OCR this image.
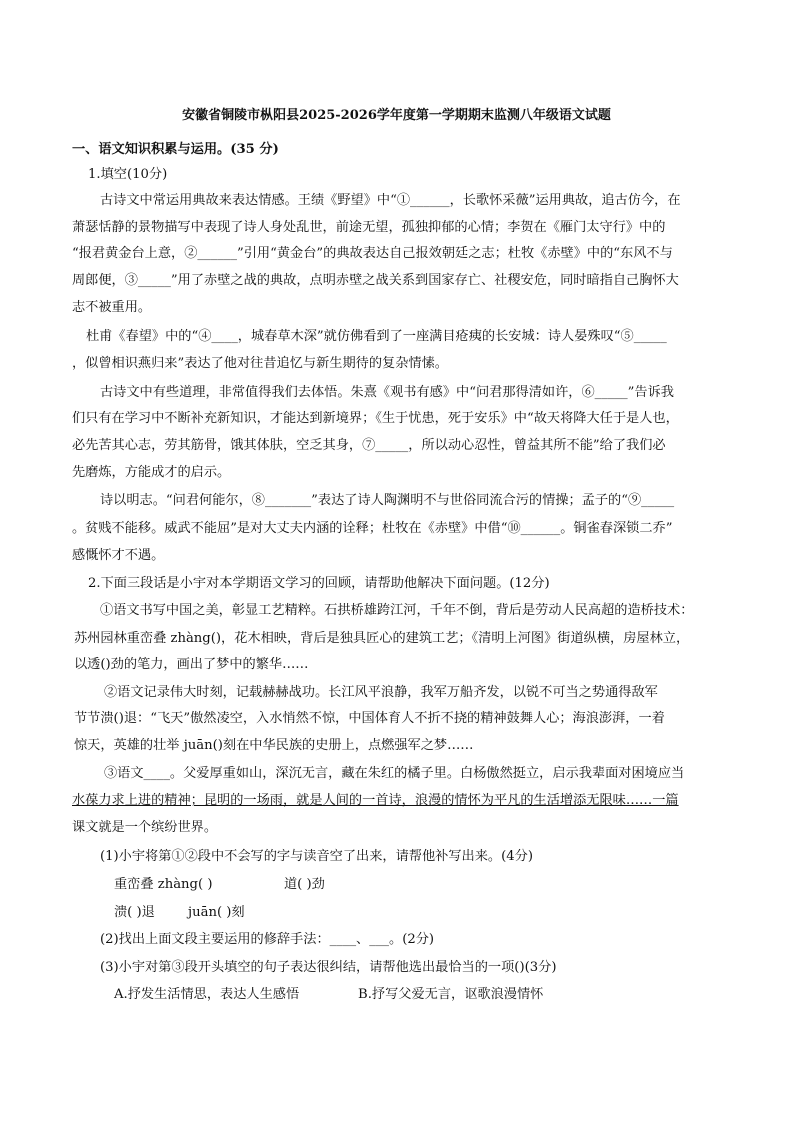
安徽省铜陵市枞阳县2025-2026学年度第一学期期末监测八年级语文试题
一、语文知识积累与运用。(35 分)
1.填空(10分)
古诗文中常运用典故来表达情感。王绩《野望》中“①______，长歌怀采薇”运用典故，追古仿今，在
萧瑟恬静的景物描写中表现了诗人身处乱世，前途无望，孤独抑郁的心情；李贺在《雁门太守行》中的
“报君黄金台上意，②______”引用“黄金台”的典故表达自己报效朝廷之志；杜牧《赤壁》中的“东风不与
周郎便，③_____”用了赤壁之战的典故，点明赤壁之战关系到国家存亡、社稷安危，同时暗指自己胸怀大
志不被重用。
杜甫《春望》中的“④____，城春草木深”就仿佛看到了一座满目疮痍的长安城：诗人晏殊叹“⑤_____
，似曾相识燕归来”表达了他对往昔追忆与新生期待的复杂情愫。
古诗文中有些道理，非常值得我们去体悟。朱熹《观书有感》中“问君那得清如许，⑥_____”告诉我
们只有在学习中不断补充新知识，才能达到新境界；《生于忧患，死于安乐》中“故天将降大任于是人也，
必先苦其心志，劳其筋骨，饿其体肤，空乏其身，⑦_____，所以动心忍性，曾益其所不能”给了我们必
先磨炼，方能成才的启示。
诗以明志。“问君何能尔，⑧_______”表达了诗人陶渊明不与世俗同流合污的情操；孟子的“⑨_____
。贫贱不能移。威武不能屈”是对大丈夫内涵的诠释；杜牧在《赤壁》中借“⑩______。铜雀春深锁二乔”
感慨怀才不遇。
2.下面三段话是小宇对本学期语文学习的回顾，请帮助他解决下面问题。(12分)
①语文书写中国之美，彰显工艺精粹。石拱桥雄跨江河，千年不倒，背后是劳动人民高超的造桥技术：
苏州园林重峦叠 zhàng()，花木相映，背后是独具匠心的建筑工艺；《清明上河图》街道纵横，房屋林立，
以透()劲的笔力，画出了梦中的繁华……
②语文记录伟大时刻，记载赫赫战功。长江风平浪静，我军万船齐发，以锐不可当之势通得敌军
节节溃()退：“飞天”傲然凌空，入水悄然不惊，中国体育人不折不挠的精神鼓舞人心；海浪澎湃，一着
惊天，英雄的壮举 juān()刻在中华民族的史册上，点燃强军之梦……
③语文____。父爱厚重如山，深沉无言，藏在朱红的橘子里。白杨傲然挺立，启示我辈面对困境应当
水葆力求上进的精神；昆明的一场雨，就是人间的一首诗，浪漫的情怀为平凡的生活增添无限味……一篇
课文就是一个缤纷世界。
(1)小宇将第①②段中不会写的字与读音空了出来，请帮他补写出来。(4分)
重峦叠 zhàng( )	道( )劲
溃( )退	juān( )刻
(2)找出上面文段主要运用的修辞手法：____、___。(2分)
(3)小宇对第③段开头填空的句子表达很纠结，请帮他选出最恰当的一项()(3分)
A.抒发生活情思，表达人生感悟	B.抒写父爱无言，讴歌浪漫情怀
